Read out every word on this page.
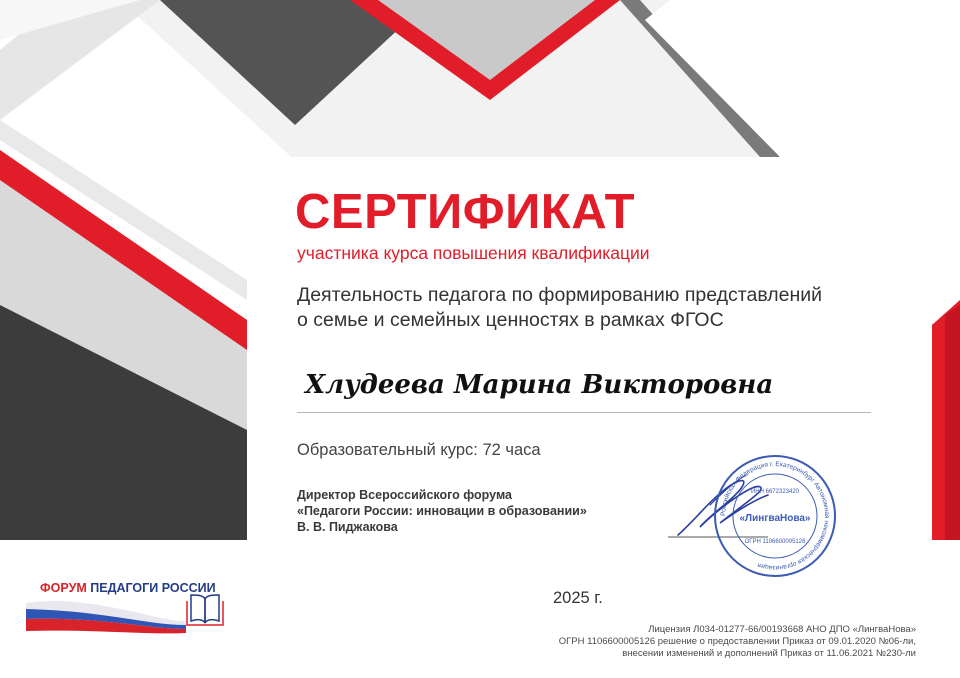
СЕРТИФИКАТ

участника курса повышения квалификации

Деятельность педагога по формированию представлений
о семье и семейных ценностях в рамках ФГОС

Хлудеева Марина Викторовна

Образовательный курс: 72 часа

Директор Всероссийского форума
«Педагоги России: инновации в образовании»
В. В. Пиджакова

Российская Федерация г. Екатеринбург Автономная некоммерческая организация
ИНН 6672323420
«ЛингваНова»
ОГРН 1106600005126

2025 г.

Лицензия Л034-01277-66/00193668 АНО ДПО «ЛингваНова»
ОГРН 1106600005126 решение о предоставлении Приказ от 09.01.2020 №06-ли,
внесении изменений и дополнений Приказ от 11.06.2021 №230-ли

ФОРУМ ПЕДАГОГИ РОССИИ
